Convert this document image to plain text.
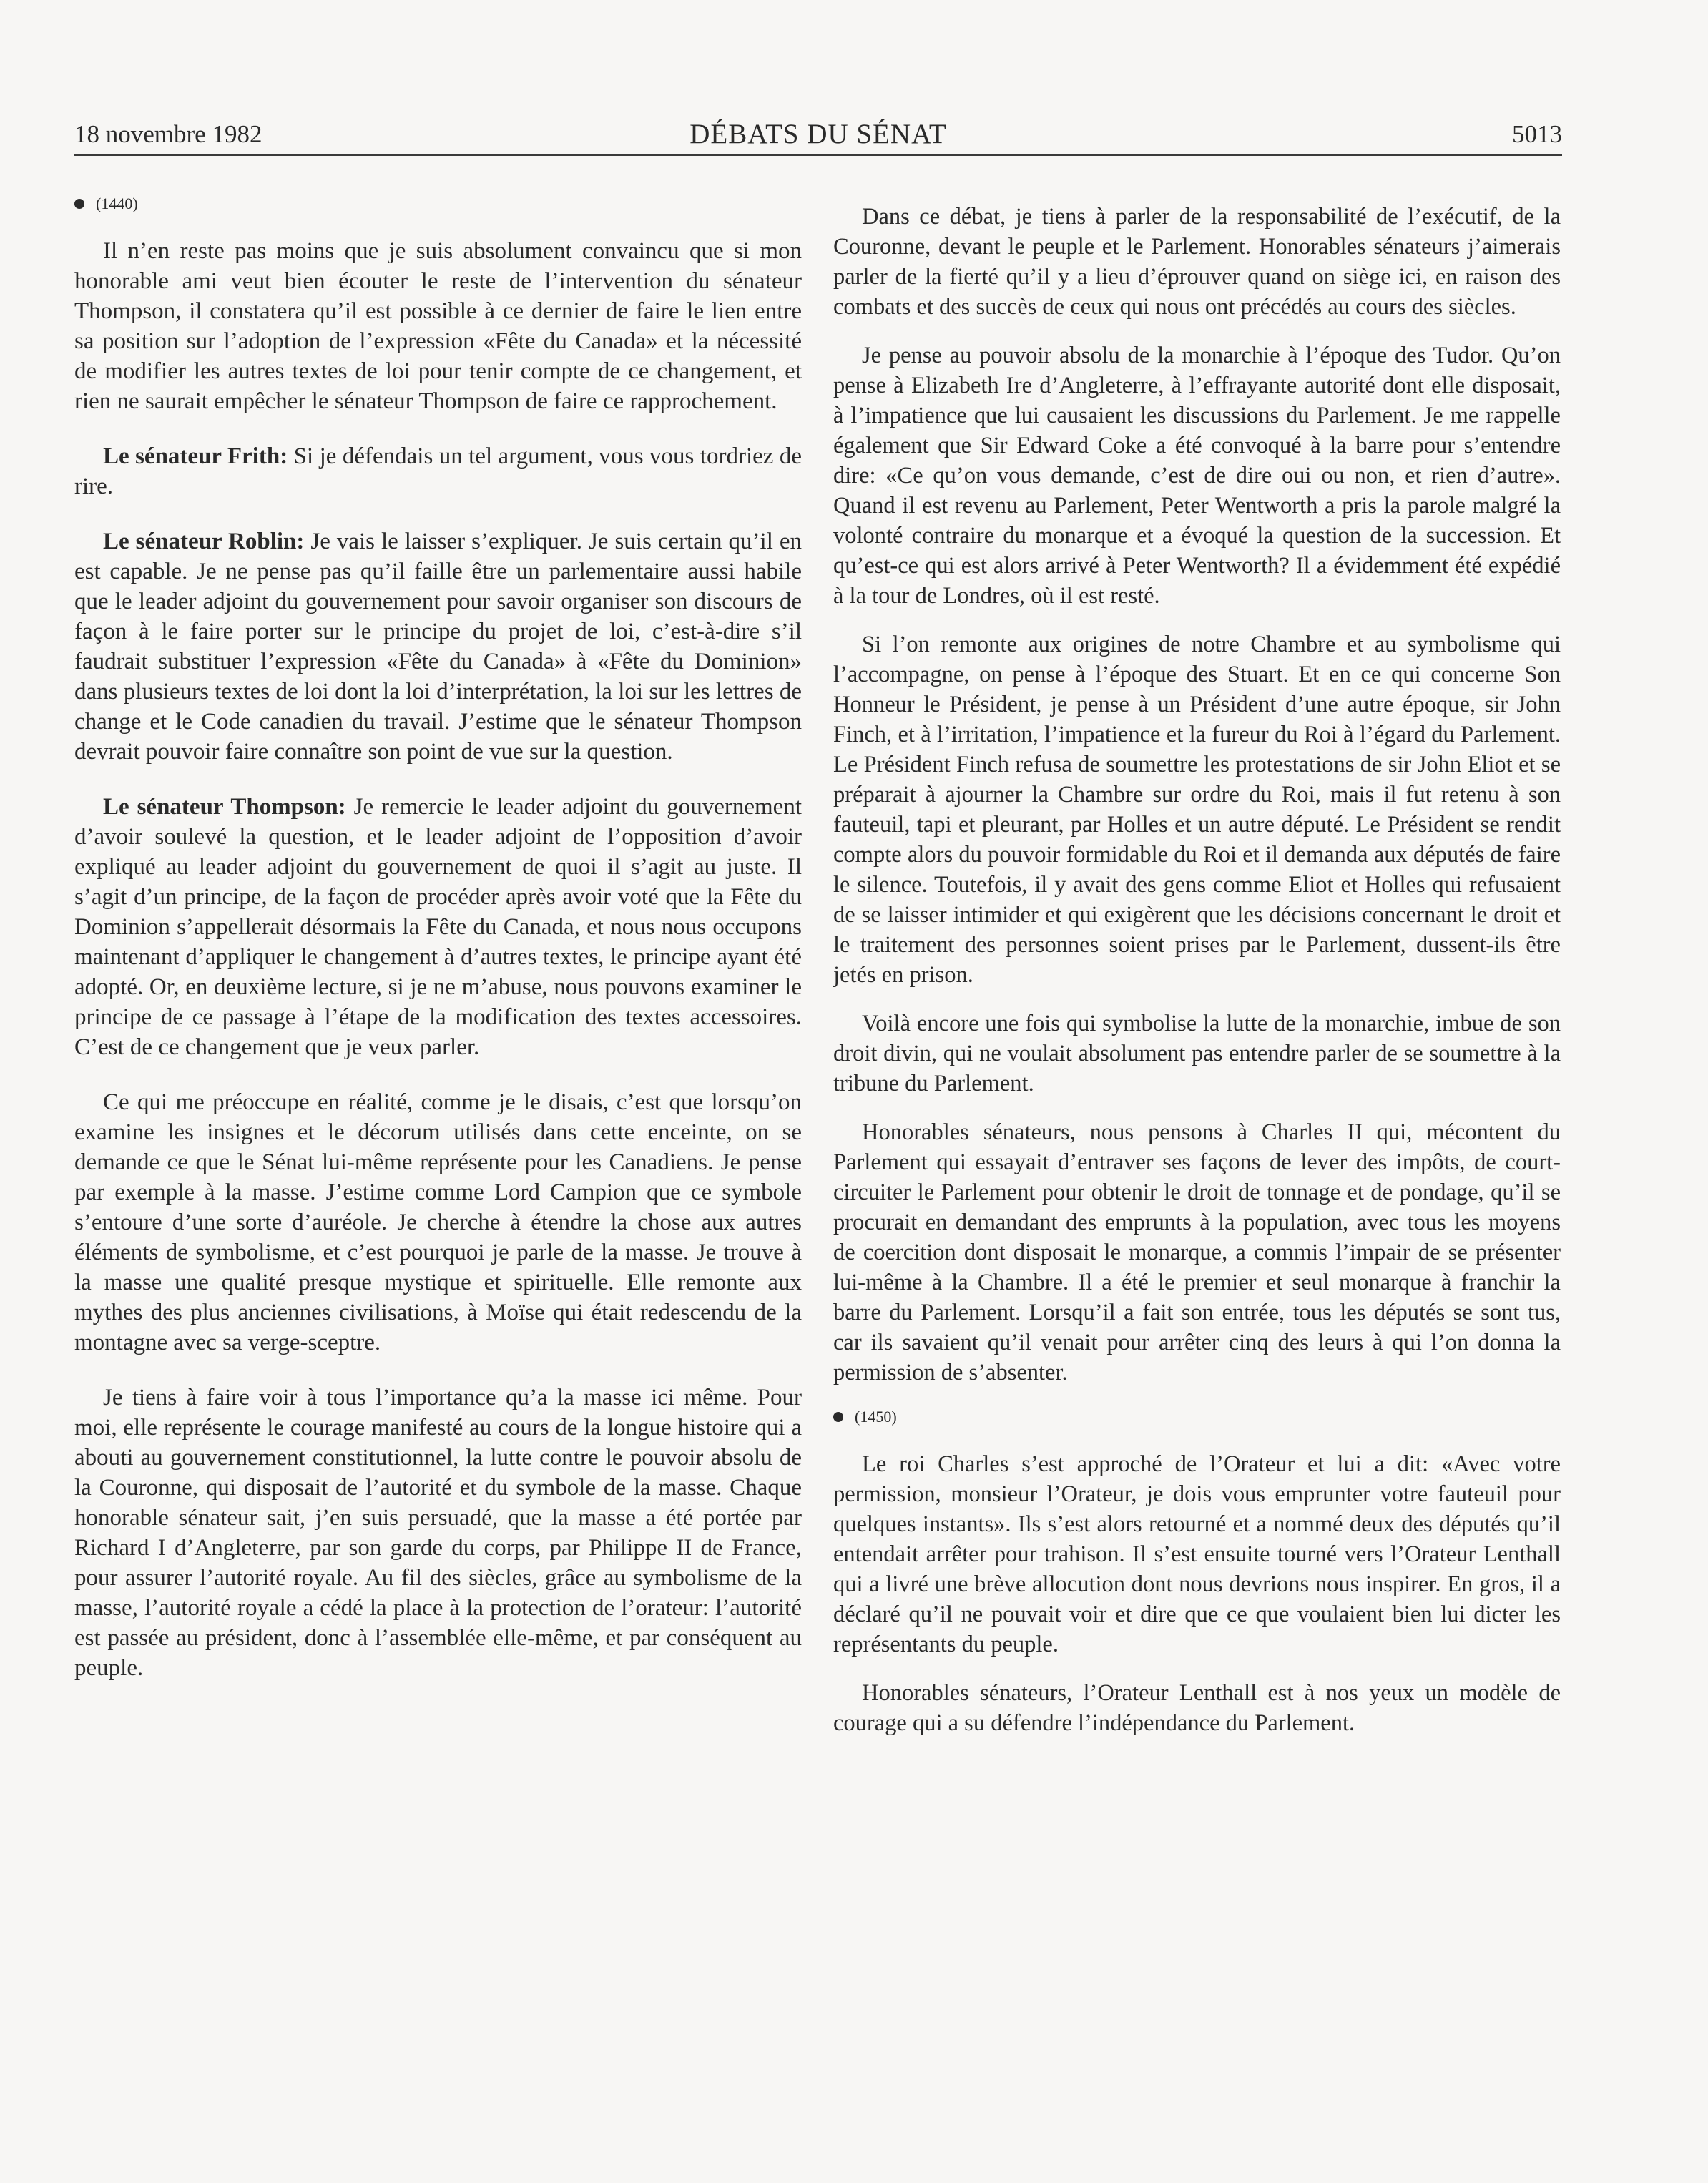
18 novembre 1982	DÉBATS DU SÉNAT	5013
(1440)

Il n’en reste pas moins que je suis absolument convaincu que si mon honorable ami veut bien écouter le reste de l’intervention du sénateur Thompson, il constatera qu’il est possible à ce dernier de faire le lien entre sa position sur l’adoption de l’expression «Fête du Canada» et la nécessité de modifier les autres textes de loi pour tenir compte de ce changement, et rien ne saurait empêcher le sénateur Thompson de faire ce rapprochement.

Le sénateur Frith: Si je défendais un tel argument, vous vous tordriez de rire.

Le sénateur Roblin: Je vais le laisser s’expliquer. Je suis certain qu’il en est capable. Je ne pense pas qu’il faille être un parlementaire aussi habile que le leader adjoint du gouvernement pour savoir organiser son discours de façon à le faire porter sur le principe du projet de loi, c’est-à-dire s’il faudrait substituer l’expression «Fête du Canada» à «Fête du Dominion» dans plusieurs textes de loi dont la loi d’interprétation, la loi sur les lettres de change et le Code canadien du travail. J’estime que le sénateur Thompson devrait pouvoir faire connaître son point de vue sur la question.

Le sénateur Thompson: Je remercie le leader adjoint du gouvernement d’avoir soulevé la question, et le leader adjoint de l’opposition d’avoir expliqué au leader adjoint du gouvernement de quoi il s’agit au juste. Il s’agit d’un principe, de la façon de procéder après avoir voté que la Fête du Dominion s’appellerait désormais la Fête du Canada, et nous nous occupons maintenant d’appliquer le changement à d’autres textes, le principe ayant été adopté. Or, en deuxième lecture, si je ne m’abuse, nous pouvons examiner le principe de ce passage à l’étape de la modification des textes accessoires. C’est de ce changement que je veux parler.

Ce qui me préoccupe en réalité, comme je le disais, c’est que lorsqu’on examine les insignes et le décorum utilisés dans cette enceinte, on se demande ce que le Sénat lui-même représente pour les Canadiens. Je pense par exemple à la masse. J’estime comme Lord Campion que ce symbole s’entoure d’une sorte d’auréole. Je cherche à étendre la chose aux autres éléments de symbolisme, et c’est pourquoi je parle de la masse. Je trouve à la masse une qualité presque mystique et spirituelle. Elle remonte aux mythes des plus anciennes civilisations, à Moïse qui était redescendu de la montagne avec sa verge-sceptre.

Je tiens à faire voir à tous l’importance qu’a la masse ici même. Pour moi, elle représente le courage manifesté au cours de la longue histoire qui a abouti au gouvernement constitutionnel, la lutte contre le pouvoir absolu de la Couronne, qui disposait de l’autorité et du symbole de la masse. Chaque honorable sénateur sait, j’en suis persuadé, que la masse a été portée par Richard I d’Angleterre, par son garde du corps, par Philippe II de France, pour assurer l’autorité royale. Au fil des siècles, grâce au symbolisme de la masse, l’autorité royale a cédé la place à la protection de l’orateur: l’autorité est passée au président, donc à l’assemblée elle-même, et par conséquent au peuple.

Dans ce débat, je tiens à parler de la responsabilité de l’exécutif, de la Couronne, devant le peuple et le Parlement. Honorables sénateurs j’aimerais parler de la fierté qu’il y a lieu d’éprouver quand on siège ici, en raison des combats et des succès de ceux qui nous ont précédés au cours des siècles.

Je pense au pouvoir absolu de la monarchie à l’époque des Tudor. Qu’on pense à Elizabeth Ire d’Angleterre, à l’effrayante autorité dont elle disposait, à l’impatience que lui causaient les discussions du Parlement. Je me rappelle également que Sir Edward Coke a été convoqué à la barre pour s’entendre dire: «Ce qu’on vous demande, c’est de dire oui ou non, et rien d’autre». Quand il est revenu au Parlement, Peter Wentworth a pris la parole malgré la volonté contraire du monarque et a évoqué la question de la succession. Et qu’est-ce qui est alors arrivé à Peter Wentworth? Il a évidemment été expédié à la tour de Londres, où il est resté.

Si l’on remonte aux origines de notre Chambre et au symbolisme qui l’accompagne, on pense à l’époque des Stuart. Et en ce qui concerne Son Honneur le Président, je pense à un Président d’une autre époque, sir John Finch, et à l’irritation, l’impatience et la fureur du Roi à l’égard du Parlement. Le Président Finch refusa de soumettre les protestations de sir John Eliot et se préparait à ajourner la Chambre sur ordre du Roi, mais il fut retenu à son fauteuil, tapi et pleurant, par Holles et un autre député. Le Président se rendit compte alors du pouvoir formidable du Roi et il demanda aux députés de faire le silence. Toutefois, il y avait des gens comme Eliot et Holles qui refusaient de se laisser intimider et qui exigèrent que les décisions concernant le droit et le traitement des personnes soient prises par le Parlement, dussent-ils être jetés en prison.

Voilà encore une fois qui symbolise la lutte de la monarchie, imbue de son droit divin, qui ne voulait absolument pas entendre parler de se soumettre à la tribune du Parlement.

Honorables sénateurs, nous pensons à Charles II qui, mécontent du Parlement qui essayait d’entraver ses façons de lever des impôts, de court-circuiter le Parlement pour obtenir le droit de tonnage et de pondage, qu’il se procurait en demandant des emprunts à la population, avec tous les moyens de coercition dont disposait le monarque, a commis l’impair de se présenter lui-même à la Chambre. Il a été le premier et seul monarque à franchir la barre du Parlement. Lorsqu’il a fait son entrée, tous les députés se sont tus, car ils savaient qu’il venait pour arrêter cinq des leurs à qui l’on donna la permission de s’absenter.

(1450)

Le roi Charles s’est approché de l’Orateur et lui a dit: «Avec votre permission, monsieur l’Orateur, je dois vous emprunter votre fauteuil pour quelques instants». Ils s’est alors retourné et a nommé deux des députés qu’il entendait arrêter pour trahison. Il s’est ensuite tourné vers l’Orateur Lenthall qui a livré une brève allocution dont nous devrions nous inspirer. En gros, il a déclaré qu’il ne pouvait voir et dire que ce que voulaient bien lui dicter les représentants du peuple.

Honorables sénateurs, l’Orateur Lenthall est à nos yeux un modèle de courage qui a su défendre l’indépendance du Parlement.
